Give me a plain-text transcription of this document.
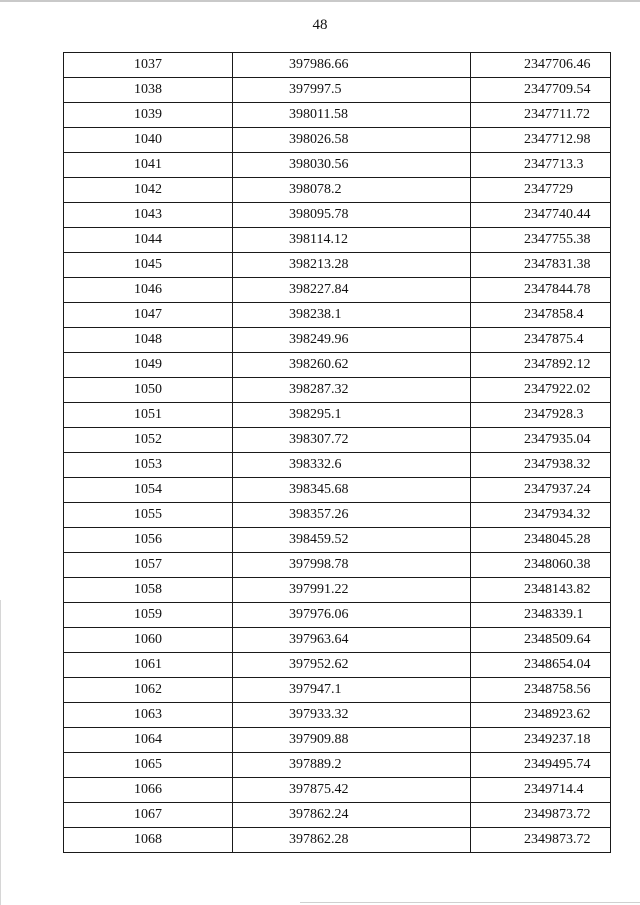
48
1037	397986.66	2347706.46
1038	397997.5	2347709.54
1039	398011.58	2347711.72
1040	398026.58	2347712.98
1041	398030.56	2347713.3
1042	398078.2	2347729
1043	398095.78	2347740.44
1044	398114.12	2347755.38
1045	398213.28	2347831.38
1046	398227.84	2347844.78
1047	398238.1	2347858.4
1048	398249.96	2347875.4
1049	398260.62	2347892.12
1050	398287.32	2347922.02
1051	398295.1	2347928.3
1052	398307.72	2347935.04
1053	398332.6	2347938.32
1054	398345.68	2347937.24
1055	398357.26	2347934.32
1056	398459.52	2348045.28
1057	397998.78	2348060.38
1058	397991.22	2348143.82
1059	397976.06	2348339.1
1060	397963.64	2348509.64
1061	397952.62	2348654.04
1062	397947.1	2348758.56
1063	397933.32	2348923.62
1064	397909.88	2349237.18
1065	397889.2	2349495.74
1066	397875.42	2349714.4
1067	397862.24	2349873.72
1068	397862.28	2349873.72
